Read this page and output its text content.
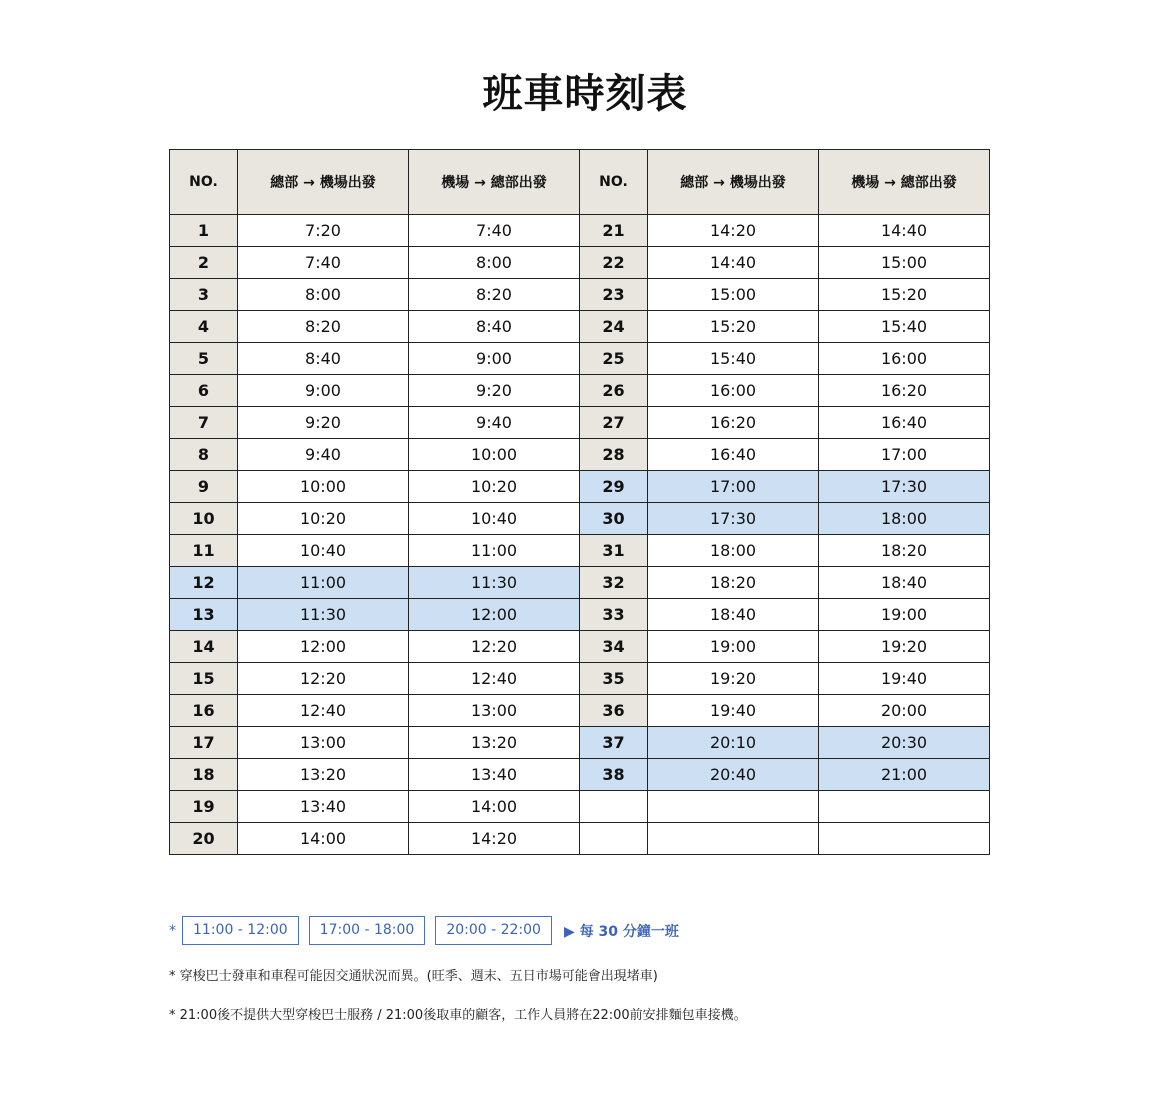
班車時刻表
NO.	總部 → 機場出發	機場 → 總部出發	NO.	總部 → 機場出發	機場 → 總部出發
1	7:20	7:40	21	14:20	14:40
2	7:40	8:00	22	14:40	15:00
3	8:00	8:20	23	15:00	15:20
4	8:20	8:40	24	15:20	15:40
5	8:40	9:00	25	15:40	16:00
6	9:00	9:20	26	16:00	16:20
7	9:20	9:40	27	16:20	16:40
8	9:40	10:00	28	16:40	17:00
9	10:00	10:20	29	17:00	17:30
10	10:20	10:40	30	17:30	18:00
11	10:40	11:00	31	18:00	18:20
12	11:00	11:30	32	18:20	18:40
13	11:30	12:00	33	18:40	19:00
14	12:00	12:20	34	19:00	19:20
15	12:20	12:40	35	19:20	19:40
16	12:40	13:00	36	19:40	20:00
17	13:00	13:20	37	20:10	20:30
18	13:20	13:40	38	20:40	21:00
19	13:40	14:00			
20	14:00	14:20			
*	11:00 - 12:00	17:00 - 18:00	20:00 - 22:00	▶ 每 30 分鐘一班
* 穿梭巴士發車和車程可能因交通狀況而異。(旺季、週末、五日市場可能會出現堵車)
* 21:00後不提供大型穿梭巴士服務 / 21:00後取車的顧客，工作人員將在22:00前安排麵包車接機。
